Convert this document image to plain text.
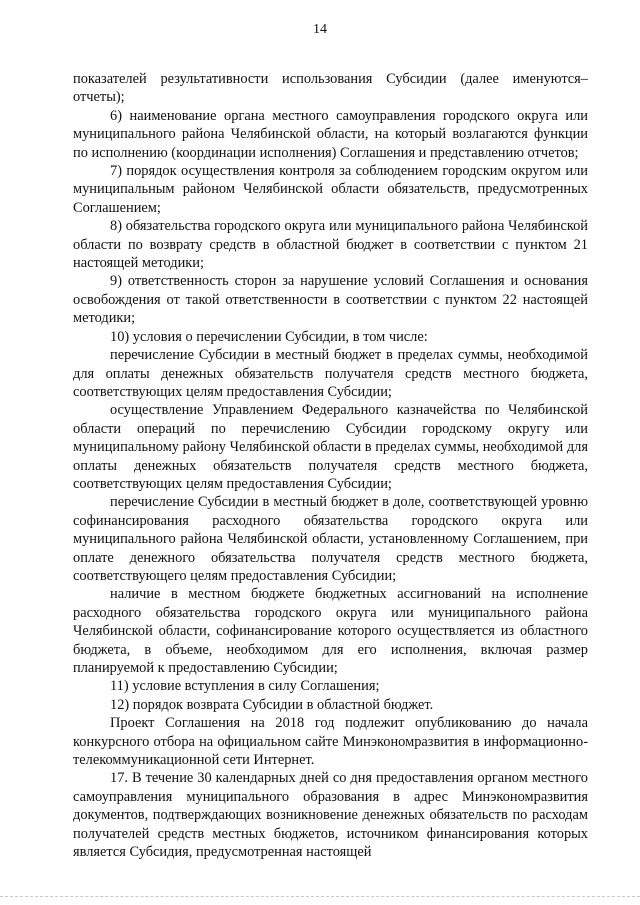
14

показателей результативности использования Субсидии (далее именуются– отчеты);

6) наименование органа местного самоуправления городского округа или муниципального района Челябинской области, на который возлагаются функции по исполнению (координации исполнения) Соглашения и представлению отчетов;

7) порядок осуществления контроля за соблюдением городским округом или муниципальным районом Челябинской области обязательств, предусмотренных Соглашением;

8) обязательства городского округа или муниципального района Челябинской области по возврату средств в областной бюджет в соответствии с пунктом 21 настоящей методики;

9) ответственность сторон за нарушение условий Соглашения и основания освобождения от такой ответственности в соответствии с пунктом 22 настоящей методики;

10) условия о перечислении Субсидии, в том числе:

перечисление Субсидии в местный бюджет в пределах суммы, необходимой для оплаты денежных обязательств получателя средств местного бюджета, соответствующих целям предоставления Субсидии;

осуществление Управлением Федерального казначейства по Челябинской области операций по перечислению Субсидии городскому округу или муниципальному району Челябинской области в пределах суммы, необходимой для оплаты денежных обязательств получателя средств местного бюджета, соответствующих целям предоставления Субсидии;

перечисление Субсидии в местный бюджет в доле, соответствующей уровню софинансирования расходного обязательства городского округа или муниципального района Челябинской области, установленному Соглашением, при оплате денежного обязательства получателя средств местного бюджета, соответствующего целям предоставления Субсидии;

наличие в местном бюджете бюджетных ассигнований на исполнение расходного обязательства городского округа или муниципального района Челябинской области, софинансирование которого осуществляется из областного бюджета, в объеме, необходимом для его исполнения, включая размер планируемой к предоставлению Субсидии;

11) условие вступления в силу Соглашения;

12) порядок возврата Субсидии в областной бюджет.

Проект Соглашения на 2018 год подлежит опубликованию до начала конкурсного отбора на официальном сайте Минэкономразвития в информационно-телекоммуникационной сети Интернет.

17. В течение 30 календарных дней со дня предоставления органом местного самоуправления муниципального образования в адрес Минэкономразвития документов, подтверждающих возникновение денежных обязательств по расходам получателей средств местных бюджетов, источником финансирования которых является Субсидия, предусмотренная настоящей
